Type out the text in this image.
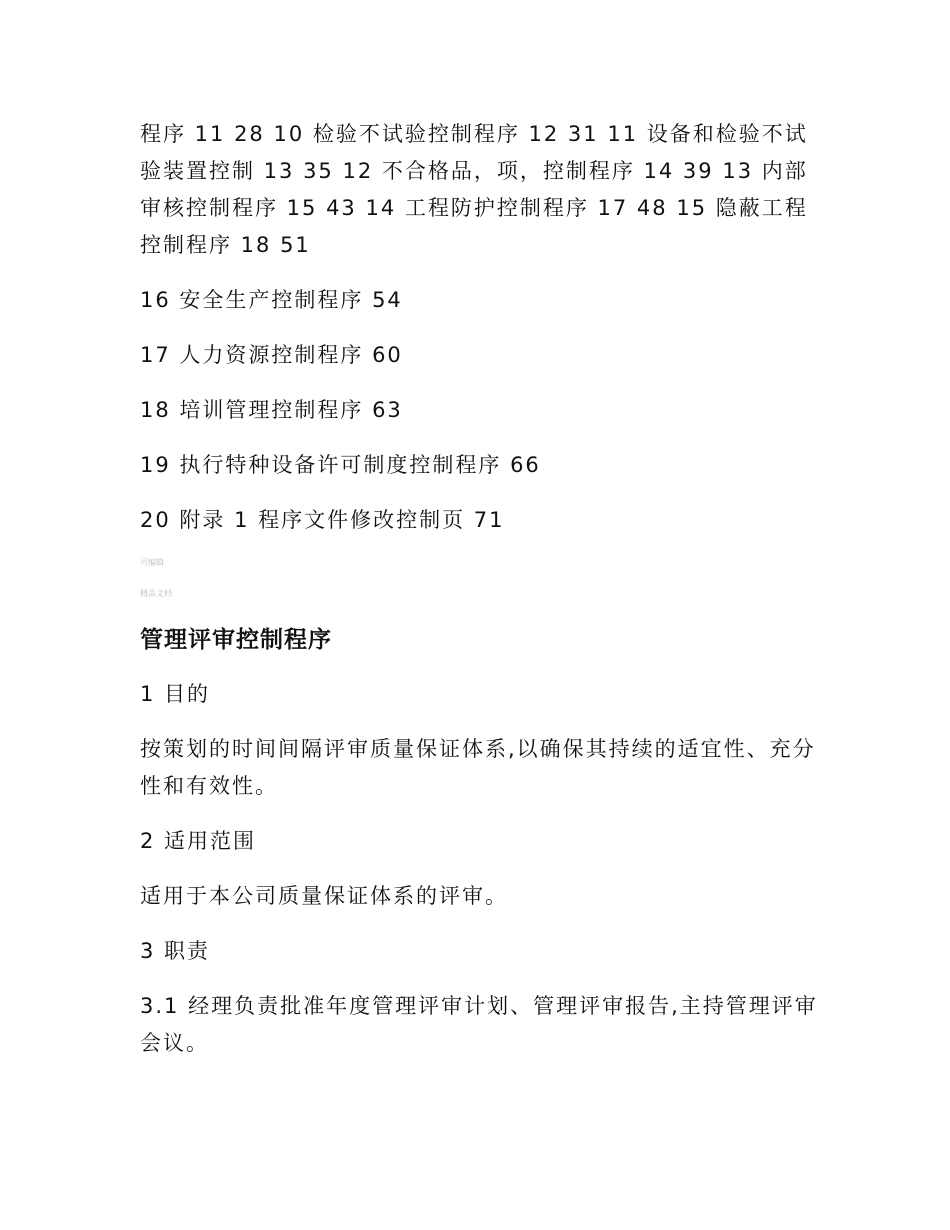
程序 11 28 10 检验不试验控制程序 12 31 11 设备和检验不试验装置控制 13 35 12 不合格品，项，控制程序 14 39 13 内部审核控制程序 15 43 14 工程防护控制程序 17 48 15 隐蔽工程控制程序 18 51

16 安全生产控制程序 54

17 人力资源控制程序 60

18 培训管理控制程序 63

19 执行特种设备许可制度控制程序 66

20 附录 1 程序文件修改控制页 71

可编辑

精品文档

管理评审控制程序

1 目的

按策划的时间间隔评审质量保证体系,以确保其持续的适宜性、充分性和有效性。

2 适用范围

适用于本公司质量保证体系的评审。

3 职责

3.1 经理负责批准年度管理评审计划、管理评审报告,主持管理评审会议。
